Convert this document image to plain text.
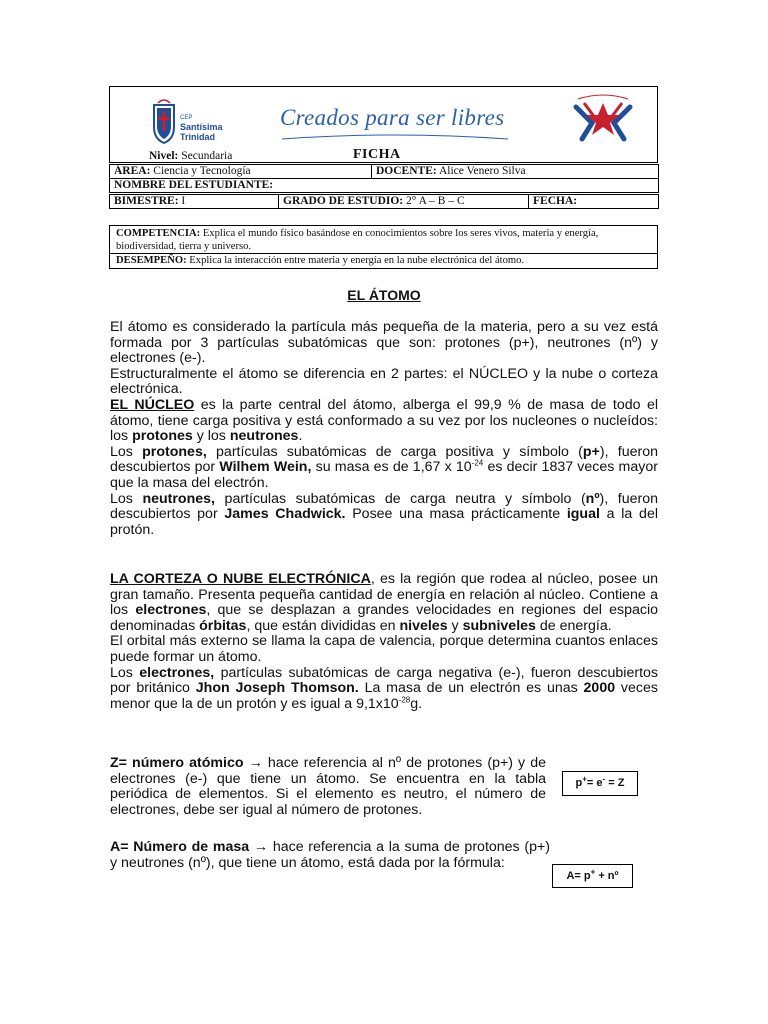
CEP
Santísima
Trinidad
Creados para ser libres
Nivel: Secundaria	FICHA
ÁREA: Ciencia y Tecnología	DOCENTE: Alice Venero Silva
NOMBRE DEL ESTUDIANTE:
BIMESTRE: I	GRADO DE ESTUDIO: 2° A – B – C	FECHA:
COMPETENCIA: Explica el mundo físico basándose en conocimientos sobre los seres vivos, materia y energía, biodiversidad, tierra y universo.
DESEMPEÑO: Explica la interacción entre materia y energía en la nube electrónica del átomo.
EL ÁTOMO
El átomo es considerado la partícula más pequeña de la materia, pero a su vez está formada por 3 partículas subatómicas que son: protones (p+), neutrones (nº) y electrones (e-).
Estructuralmente el átomo se diferencia en 2 partes: el NÚCLEO y la nube o corteza electrónica.
EL NÚCLEO es la parte central del átomo, alberga el 99,9 % de masa de todo el átomo, tiene carga positiva y está conformado a su vez por los nucleones o nucleídos: los protones y los neutrones.
Los protones, partículas subatómicas de carga positiva y símbolo (p+), fueron descubiertos por Wilhem Wein, su masa es de 1,67 x $10^{-24}$ es decir 1837 veces mayor que la masa del electrón.
Los neutrones, partículas subatómicas de carga neutra y símbolo (nº), fueron descubiertos por James Chadwick. Posee una masa prácticamente igual a la del protón.
LA CORTEZA O NUBE ELECTRÓNICA, es la región que rodea al núcleo, posee un gran tamaño. Presenta pequeña cantidad de energía en relación al núcleo. Contiene a los electrones, que se desplazan a grandes velocidades en regiones del espacio denominadas órbitas, que están divididas en niveles y subniveles de energía.
El orbital más externo se llama la capa de valencia, porque determina cuantos enlaces puede formar un átomo.
Los electrones, partículas subatómicas de carga negativa (e-), fueron descubiertos por británico Jhon Joseph Thomson. La masa de un electrón es unas 2000 veces menor que la de un protón y es igual a $9,1x10^{-28}g$.
Z= número atómico → hace referencia al nº de protones (p+) y de electrones (e-) que tiene un átomo. Se encuentra en la tabla periódica de elementos. Si el elemento es neutro, el número de electrones, debe ser igual al número de protones.
p+= e- = Z
A= Número de masa → hace referencia a la suma de protones (p+) y neutrones (nº), que tiene un átomo, está dada por la fórmula:
A= p+ + nº
